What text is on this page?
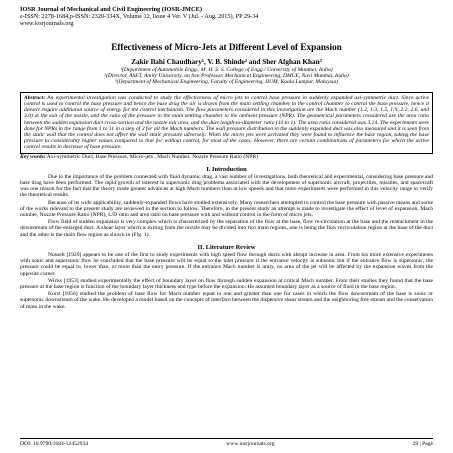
IOSR Journal of Mechanical and Civil Engineering (IOSR-JMCE)
e-ISSN: 2278-1684,p-ISSN: 2320-334X, Volume 12, Issue 4 Ver. V (Jul. - Aug. 2015), PP 29-34
www.iosrjournals.org
Effectiveness of Micro-Jets at Different Level of Expansion
Zakir Ilahi Chaudhary¹, V. B. Shinde² and Sher Afghan Khan³
¹(Department of Automobile Engg., M. H. S. S. College of Engg./ University of Mumbai, India)
²(Director, ASET, Amity University, on lien Professor, Mechanical Engineering, DMCE, Navi Mumbai, India)
³(Department of Mechanical Engineering, Faculty of Engineering, IIUM, Kuala Lumpur, Malaysia)
Abstract: An experimental investigation was conducted to study the effectiveness of micro jets to control base pressure in suddenly expanded axi-symmetric duct. Since active control is used to control the base pressure and hence the base drag the air is drawn from the main settling chamber to the control chamber to control the base pressure, hence it doesn't require additional source of energy for the control mechanism. The flow parameters considered in this investigation are the Mach number (1.2, 1.3, 1.5, 1.9, 2.2, 2.6, and 3.0) at the exit of the nozzle, and the ratio of the pressure in the main settling chamber to the ambient pressure (NPR). The geometrical parameters considered are the area ratio between the sudden expansion duct cross-section and the nozzle exit area, and the duct length-to-diameter ratio (10 to 1). The area ratio considered was 3.24. The experiments were done for NPRs in the range from 1 to 11 in a step of 2 for all the Mach numbers. The wall pressure distribution in the suddenly expanded duct was also measured and it is seen from the static wall that the control does not affect the wall static pressure adversely. When the micro jets were activated they were found to influence the base region, taking the base pressure to considerably higher values compared to that for without control, for most of the cases. However, there are certain combinations of parameters for which the active control results in decrease of base pressure.
Key words: Axi-symmetric Duct, Base Pressure, Micro-jets , Mach Number, Nozzle Pressure Ratio (NPR)
I. Introduction

Due to the importance of the problem connected with fluid dynamic drag, a vast number of investigations, both theoretical and experimental, considering base pressure and base drag have been performed. The rapid growth of interest in supersonic drag problems associated with the development of supersonic aircraft, projectiles, missiles, and spacecraft was one reason for the fact that the theory made greater advances at high Mach numbers than at low speeds and that more experiments were performed in this velocity range to verify the theoretical results.

Because of its wide applicability, suddenly-expanded flows have studied extensively. Many researchers attempted to control the base pressure with passive means and some of the works relevant to the present study are reviewed in the section to follow. Therefore, in the present study an attempt is made to investigate the effect of level of expansion, Mach number, Nozzle Pressure Ratio (NPR), L/D ratio and area ratio on base pressure with and without control in the form of micro jets.

Flow field of sudden expansion is very complex which is characterized by the separation of the flow at the base, flow re-circulation at the base and the reattachment in the downstream of the enlarged duct. A shear layer which is exiting from the nozzle may be divided into two main regions, one is being the flow recirculation region at the base of the duct and the other is the main flow region as shown in (Fig. 1).

II. Literature Review

Nusselt [1929] appears to be one of the first to study experiments with high speed flow through ducts with abrupt increase in area. From his more extensive experiments with sonic and supersonic flow he concluded that the base pressure will be equal to the inlet pressure if the entrance velocity is subsonic but if the entrance flow is supersonic, the pressure could be equal to, lower than, or more than the entry pressure. If the entrance Mach number is unity, no area of the jet will be affected by the expansion waves from the opposite corner.

Wicks [1953] studied experimentally the effect of boundary layer on flow through sudden expansion at critical Mach number. From their studies they found that the base pressure at the base region is function of the boundary layer thickness and type before the expansion. He assumed boundary layer as a source of fluid in the base region.

Korst [1956] studied the problem of base flow for Mach number equal to one and greater than one for cases in which the flow downstream of the base is sonic or supersonic downstream of the wake. He developed a model based on the concepts of interface between the dispersive shear stream and the neighboring free stream and the conservation of mass in the wake.

DOI: 10.9790/1684-12452934	www.iosrjournals.org	29 | Page
